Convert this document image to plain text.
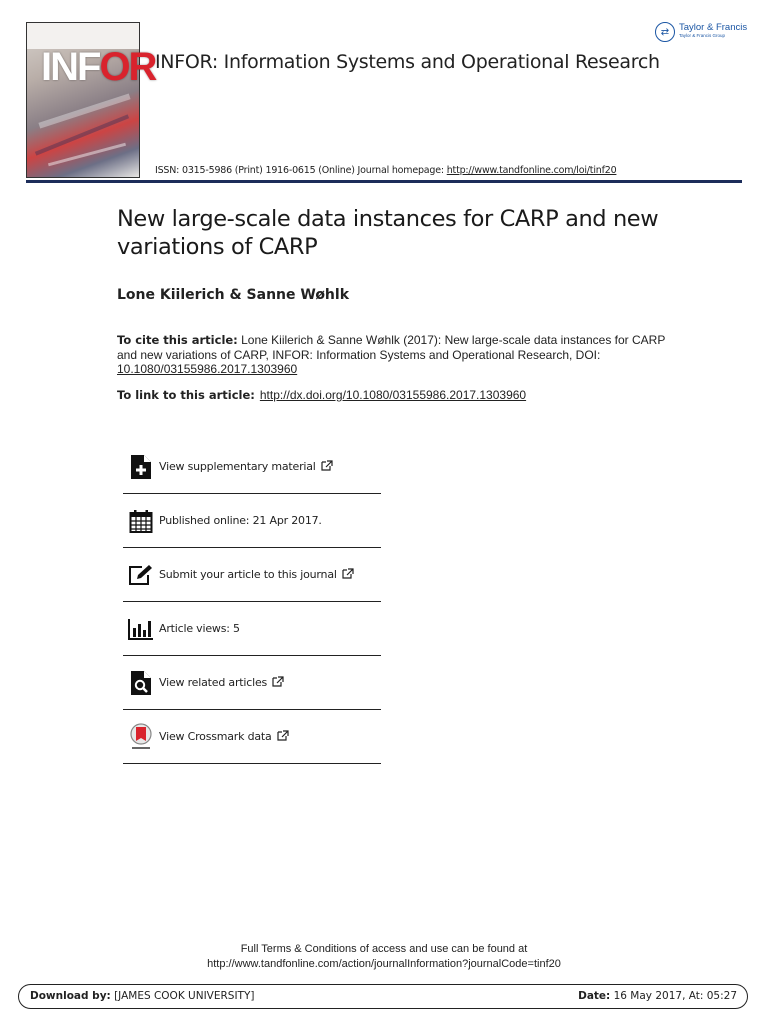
INFOR INFOR: Information Systems and Operational Research
ISSN: 0315-5986 (Print) 1916-0615 (Online) Journal homepage: http://www.tandfonline.com/loi/tinf20
⇄	Taylor & Francis
Taylor & Francis Group
New large-scale data instances for CARP and new variations of CARP
Lone Kiilerich & Sanne Wøhlk
To cite this article: Lone Kiilerich & Sanne Wøhlk (2017): New large-scale data instances for CARP and new variations of CARP, INFOR: Information Systems and Operational Research, DOI: 10.1080/03155986.2017.1303960
To link to this article: http://dx.doi.org/10.1080/03155986.2017.1303960
View supplementary material
Published online: 21 Apr 2017.
Submit your article to this journal
Article views: 5
View related articles
View Crossmark data
Full Terms & Conditions of access and use can be found at
http://www.tandfonline.com/action/journalInformation?journalCode=tinf20
Download by: [JAMES COOK UNIVERSITY]	Date: 16 May 2017, At: 05:27
